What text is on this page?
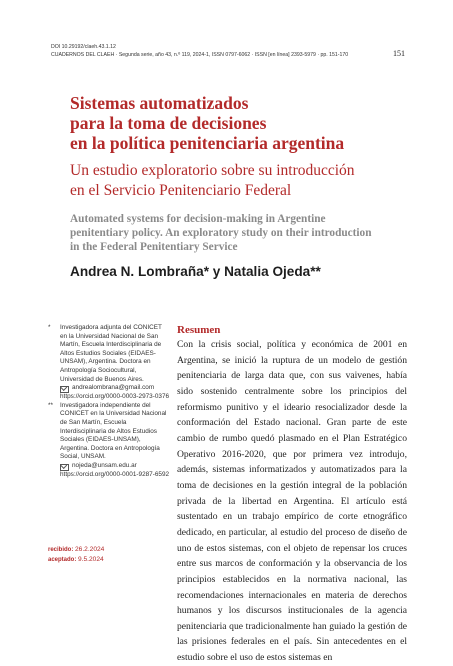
DOI 10.29192/claeh.43.1.12
CUADERNOS DEL CLAEH · Segunda serie, año 43, n.º 119, 2024-1, ISSN 0797-6062 · ISSN [en línea] 2393-5979 · pp. 151-170	151
Sistemas automatizados
para la toma de decisiones
en la política penitenciaria argentina
Un estudio exploratorio sobre su introducción
en el Servicio Penitenciario Federal
Automated systems for decision-making in Argentine
penitentiary policy. An exploratory study on their introduction
in the Federal Penitentiary Service
Andrea N. Lombraña* y Natalia Ojeda**
*	Investigadora adjunta del CONICET en la Universidad Nacional de San Martín, Escuela Interdisciplinaria de Altos Estudios Sociales (EIDAES-UNSAM), Argentina. Doctora en Antropología Sociocultural, Universidad de Buenos Aires.
andrealombrana@gmail.com
https://orcid.org/0000-0003-2973-0376
**	Investigadora independiente del CONICET en la Universidad Nacional de San Martín, Escuela Interdisciplinaria de Altos Estudios Sociales (EIDAES-UNSAM), Argentina. Doctora en Antropología Social, UNSAM.
nojeda@unsam.edu.ar
https://orcid.org/0000-0001-9287-6592
recibido: 26.2.2024
aceptado: 9.5.2024
Resumen
Con la crisis social, política y económica de 2001 en Argentina, se inició la ruptura de un modelo de gestión penitenciaria de larga data que, con sus vaivenes, había sido sostenido centralmente sobre los principios del reformismo punitivo y el ideario resocializador desde la conformación del Estado nacional. Gran parte de este cambio de rumbo quedó plasmado en el Plan Estratégico Operativo 2016-2020, que por primera vez introdujo, además, sistemas informatizados y automatizados para la toma de decisiones en la gestión integral de la población privada de la libertad en Argentina. El artículo está sustentado en un trabajo empírico de corte etnográfico dedicado, en particular, al estudio del proceso de diseño de uno de estos sistemas, con el objeto de repensar los cruces entre sus marcos de conformación y la observancia de los principios establecidos en la normativa nacional, las recomendaciones internacionales en materia de derechos humanos y los discursos institucionales de la agencia penitenciaria que tradicionalmente han guiado la gestión de las prisiones federales en el país. Sin antecedentes en el estudio sobre el uso de estos sistemas en
